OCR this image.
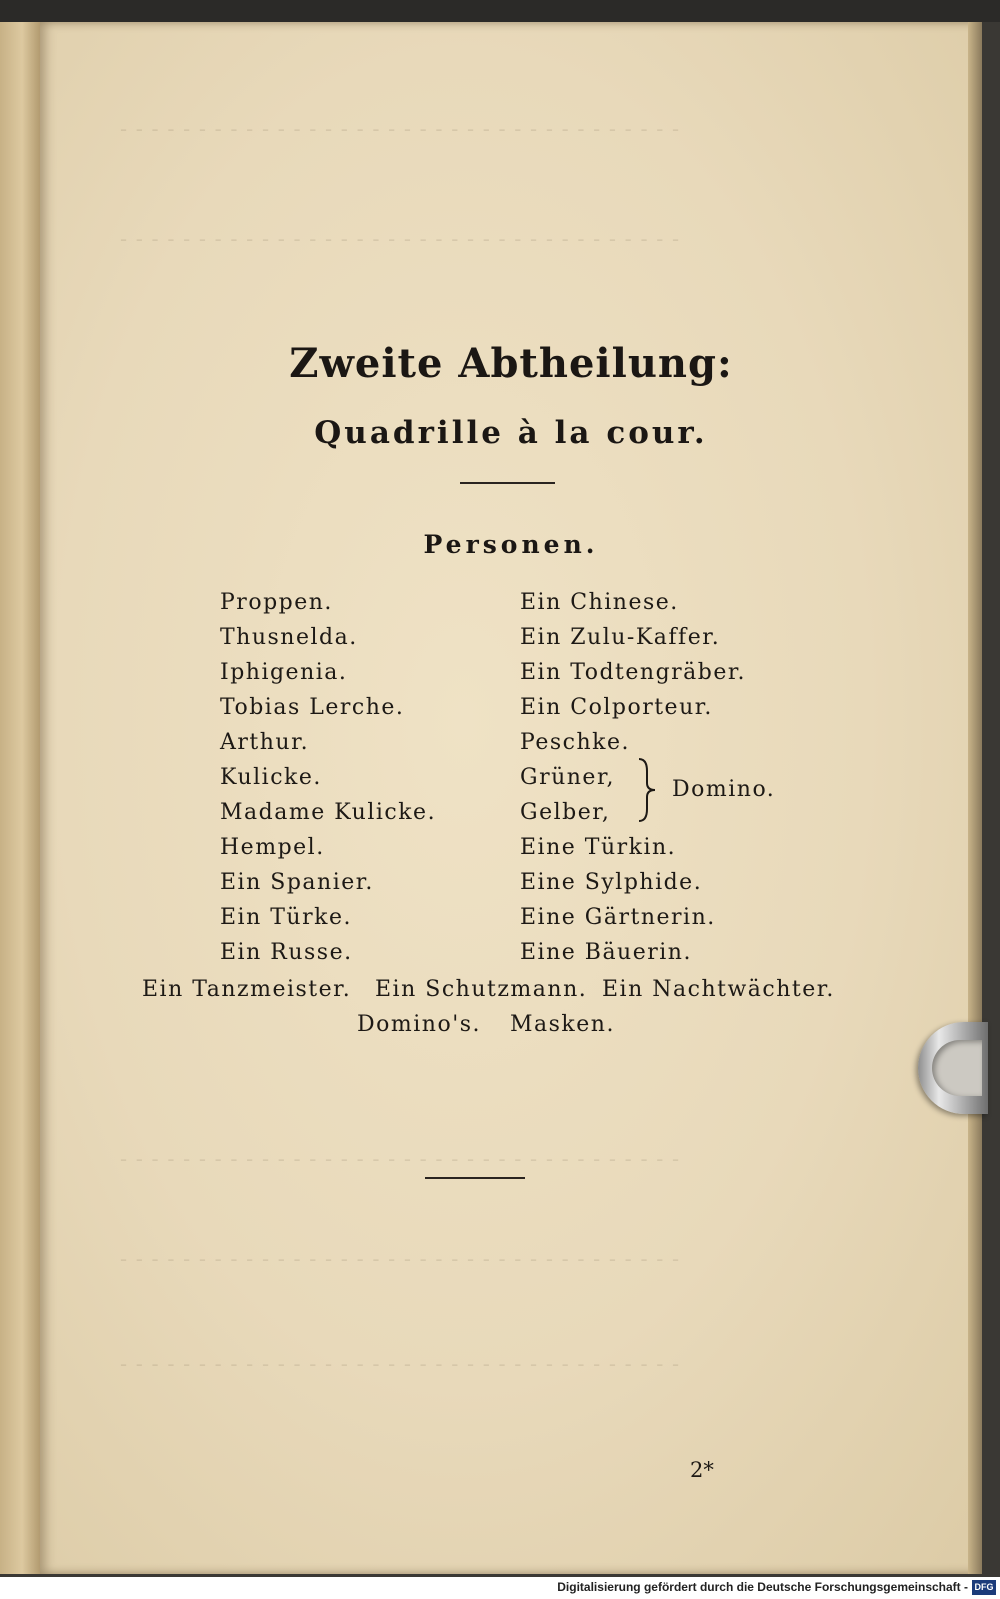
- - - - - - - - - - - - - - - - - - - - - - - - - - - - - - - - - - - -
- - - - - - - - - - - - - - - - - - - - - - - - - - - - - - - - - - - -
- - - - - - - - - - - - - - - - - - - - - - - - - - - - - - - - - - - -
- - - - - - - - - - - - - - - - - - - - - - - - - - - - - - - - - - - -
- - - - - - - - - - - - - - - - - - - - - - - - - - - - - - - - - - - -
Zweite Abtheilung:
Quadrille à la cour.
Personen.
Proppen.
Thusnelda.
Iphigenia.
Tobias Lerche.
Arthur.
Kulicke.
Madame Kulicke.
Hempel.
Ein Spanier.
Ein Türke.
Ein Russe.
Ein Chinese.
Ein Zulu-Kaffer.
Ein Todtengräber.
Ein Colporteur.
Peschke.
Grüner,
Gelber,
Eine Türkin.
Eine Sylphide.
Eine Gärtnerin.
Eine Bäuerin.
Domino.
Ein Tanzmeister. Ein Schutzmann. Ein Nachtwächter.
Domino's. Masken.
2*
Digitalisierung gefördert durch die Deutsche Forschungsgemeinschaft - DFG
